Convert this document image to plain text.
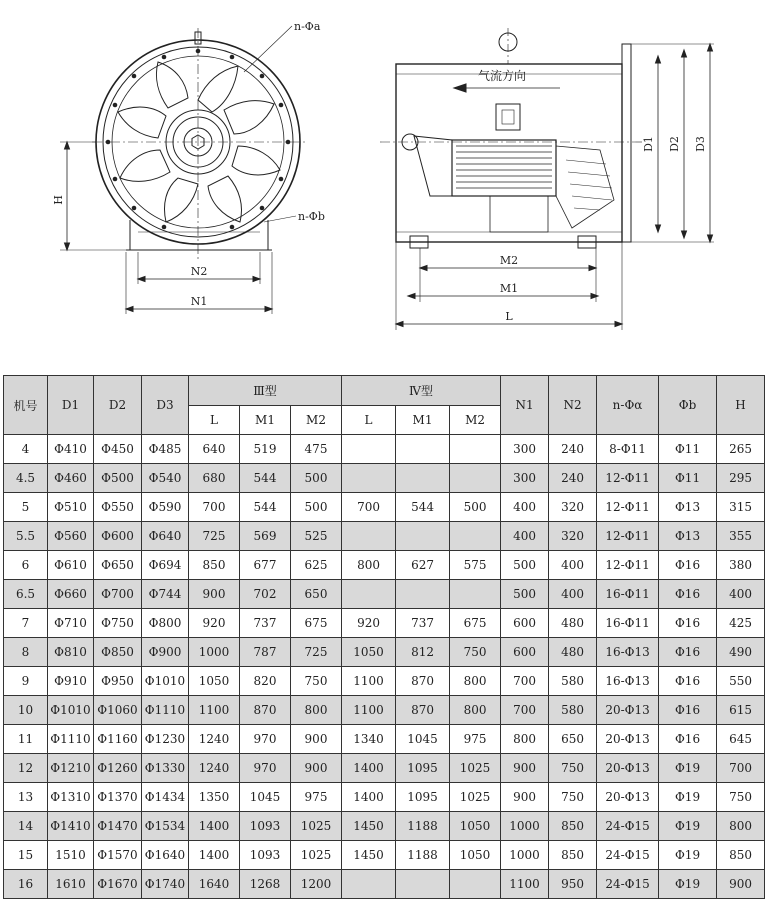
n-Φa
n-Φb
H
N2
N1
气流方向
D1 D2 D3
M2
M1
L
机号	D1	D2	D3	Ⅲ型			Ⅳ型			N1	N2	n-Φα	Φb	H
				L	M1	M2	L	M1	M2					
4	Φ410	Φ450	Φ485	640	519	475				300	240	8-Φ11	Φ11	265
4.5	Φ460	Φ500	Φ540	680	544	500				300	240	12-Φ11	Φ11	295
5	Φ510	Φ550	Φ590	700	544	500	700	544	500	400	320	12-Φ11	Φ13	315
5.5	Φ560	Φ600	Φ640	725	569	525				400	320	12-Φ11	Φ13	355
6	Φ610	Φ650	Φ694	850	677	625	800	627	575	500	400	12-Φ11	Φ16	380
6.5	Φ660	Φ700	Φ744	900	702	650				500	400	16-Φ11	Φ16	400
7	Φ710	Φ750	Φ800	920	737	675	920	737	675	600	480	16-Φ11	Φ16	425
8	Φ810	Φ850	Φ900	1000	787	725	1050	812	750	600	480	16-Φ13	Φ16	490
9	Φ910	Φ950	Φ1010	1050	820	750	1100	870	800	700	580	16-Φ13	Φ16	550
10	Φ1010	Φ1060	Φ1110	1100	870	800	1100	870	800	700	580	20-Φ13	Φ16	615
11	Φ1110	Φ1160	Φ1230	1240	970	900	1340	1045	975	800	650	20-Φ13	Φ16	645
12	Φ1210	Φ1260	Φ1330	1240	970	900	1400	1095	1025	900	750	20-Φ13	Φ19	700
13	Φ1310	Φ1370	Φ1434	1350	1045	975	1400	1095	1025	900	750	20-Φ13	Φ19	750
14	Φ1410	Φ1470	Φ1534	1400	1093	1025	1450	1188	1050	1000	850	24-Φ15	Φ19	800
15	1510	Φ1570	Φ1640	1400	1093	1025	1450	1188	1050	1000	850	24-Φ15	Φ19	850
16	1610	Φ1670	Φ1740	1640	1268	1200				1100	950	24-Φ15	Φ19	900
